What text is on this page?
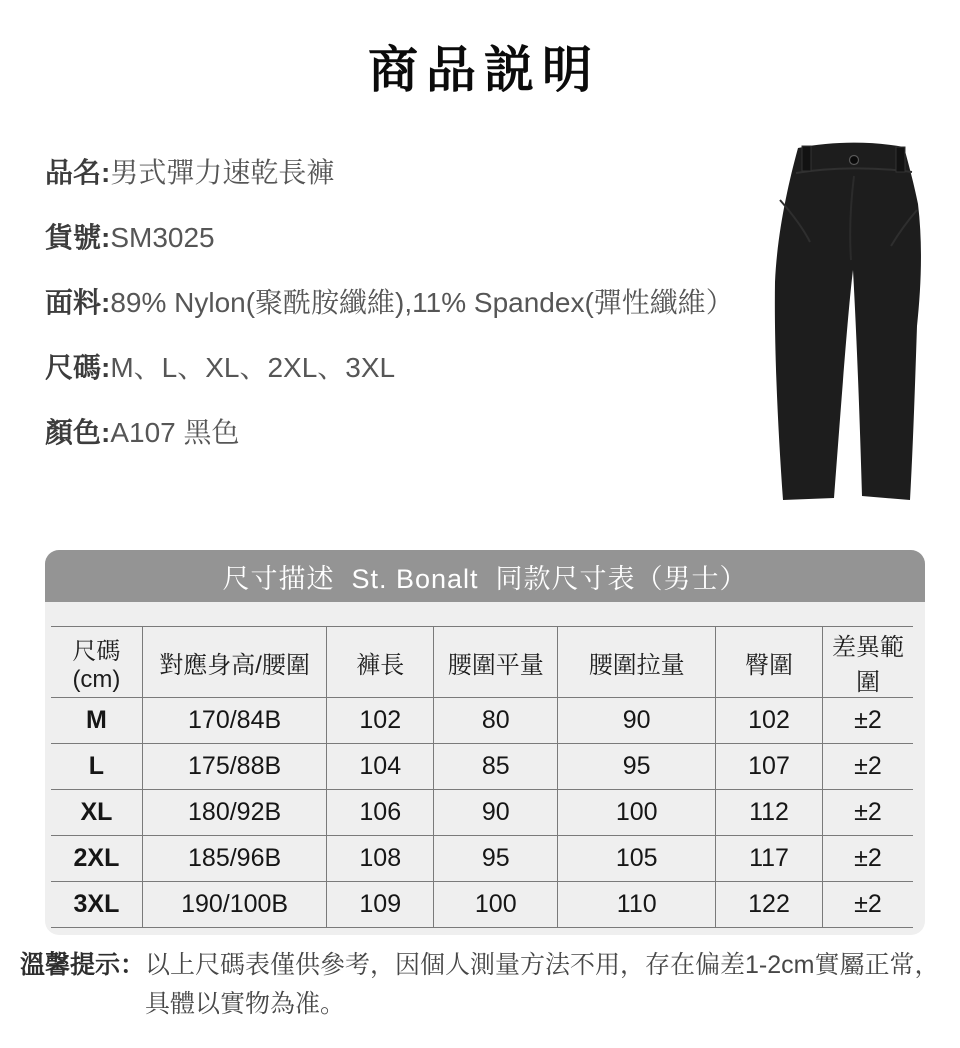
商品説明
品名: 男式彈力速乾長褲
貨號: SM3025
面料: 89% Nylon(聚酰胺纖維),11% Spandex(彈性纖維）
尺碼: M、L、XL、2XL、3XL
顏色: A107 黑色
尺寸描述  St. Bonalt  同款尺寸表（男士）
尺碼(cm)	對應身高/腰圍	褲長	腰圍平量	腰圍拉量	臀圍	差異範圍
M	170/84B	102	80	90	102	±2
L	175/88B	104	85	95	107	±2
XL	180/92B	106	90	100	112	±2
2XL	185/96B	108	95	105	117	±2
3XL	190/100B	109	100	110	122	±2
溫馨提示： 以上尺碼表僅供參考，因個人測量方法不用，存在偏差1-2cm實屬正常，
具體以實物為准。
